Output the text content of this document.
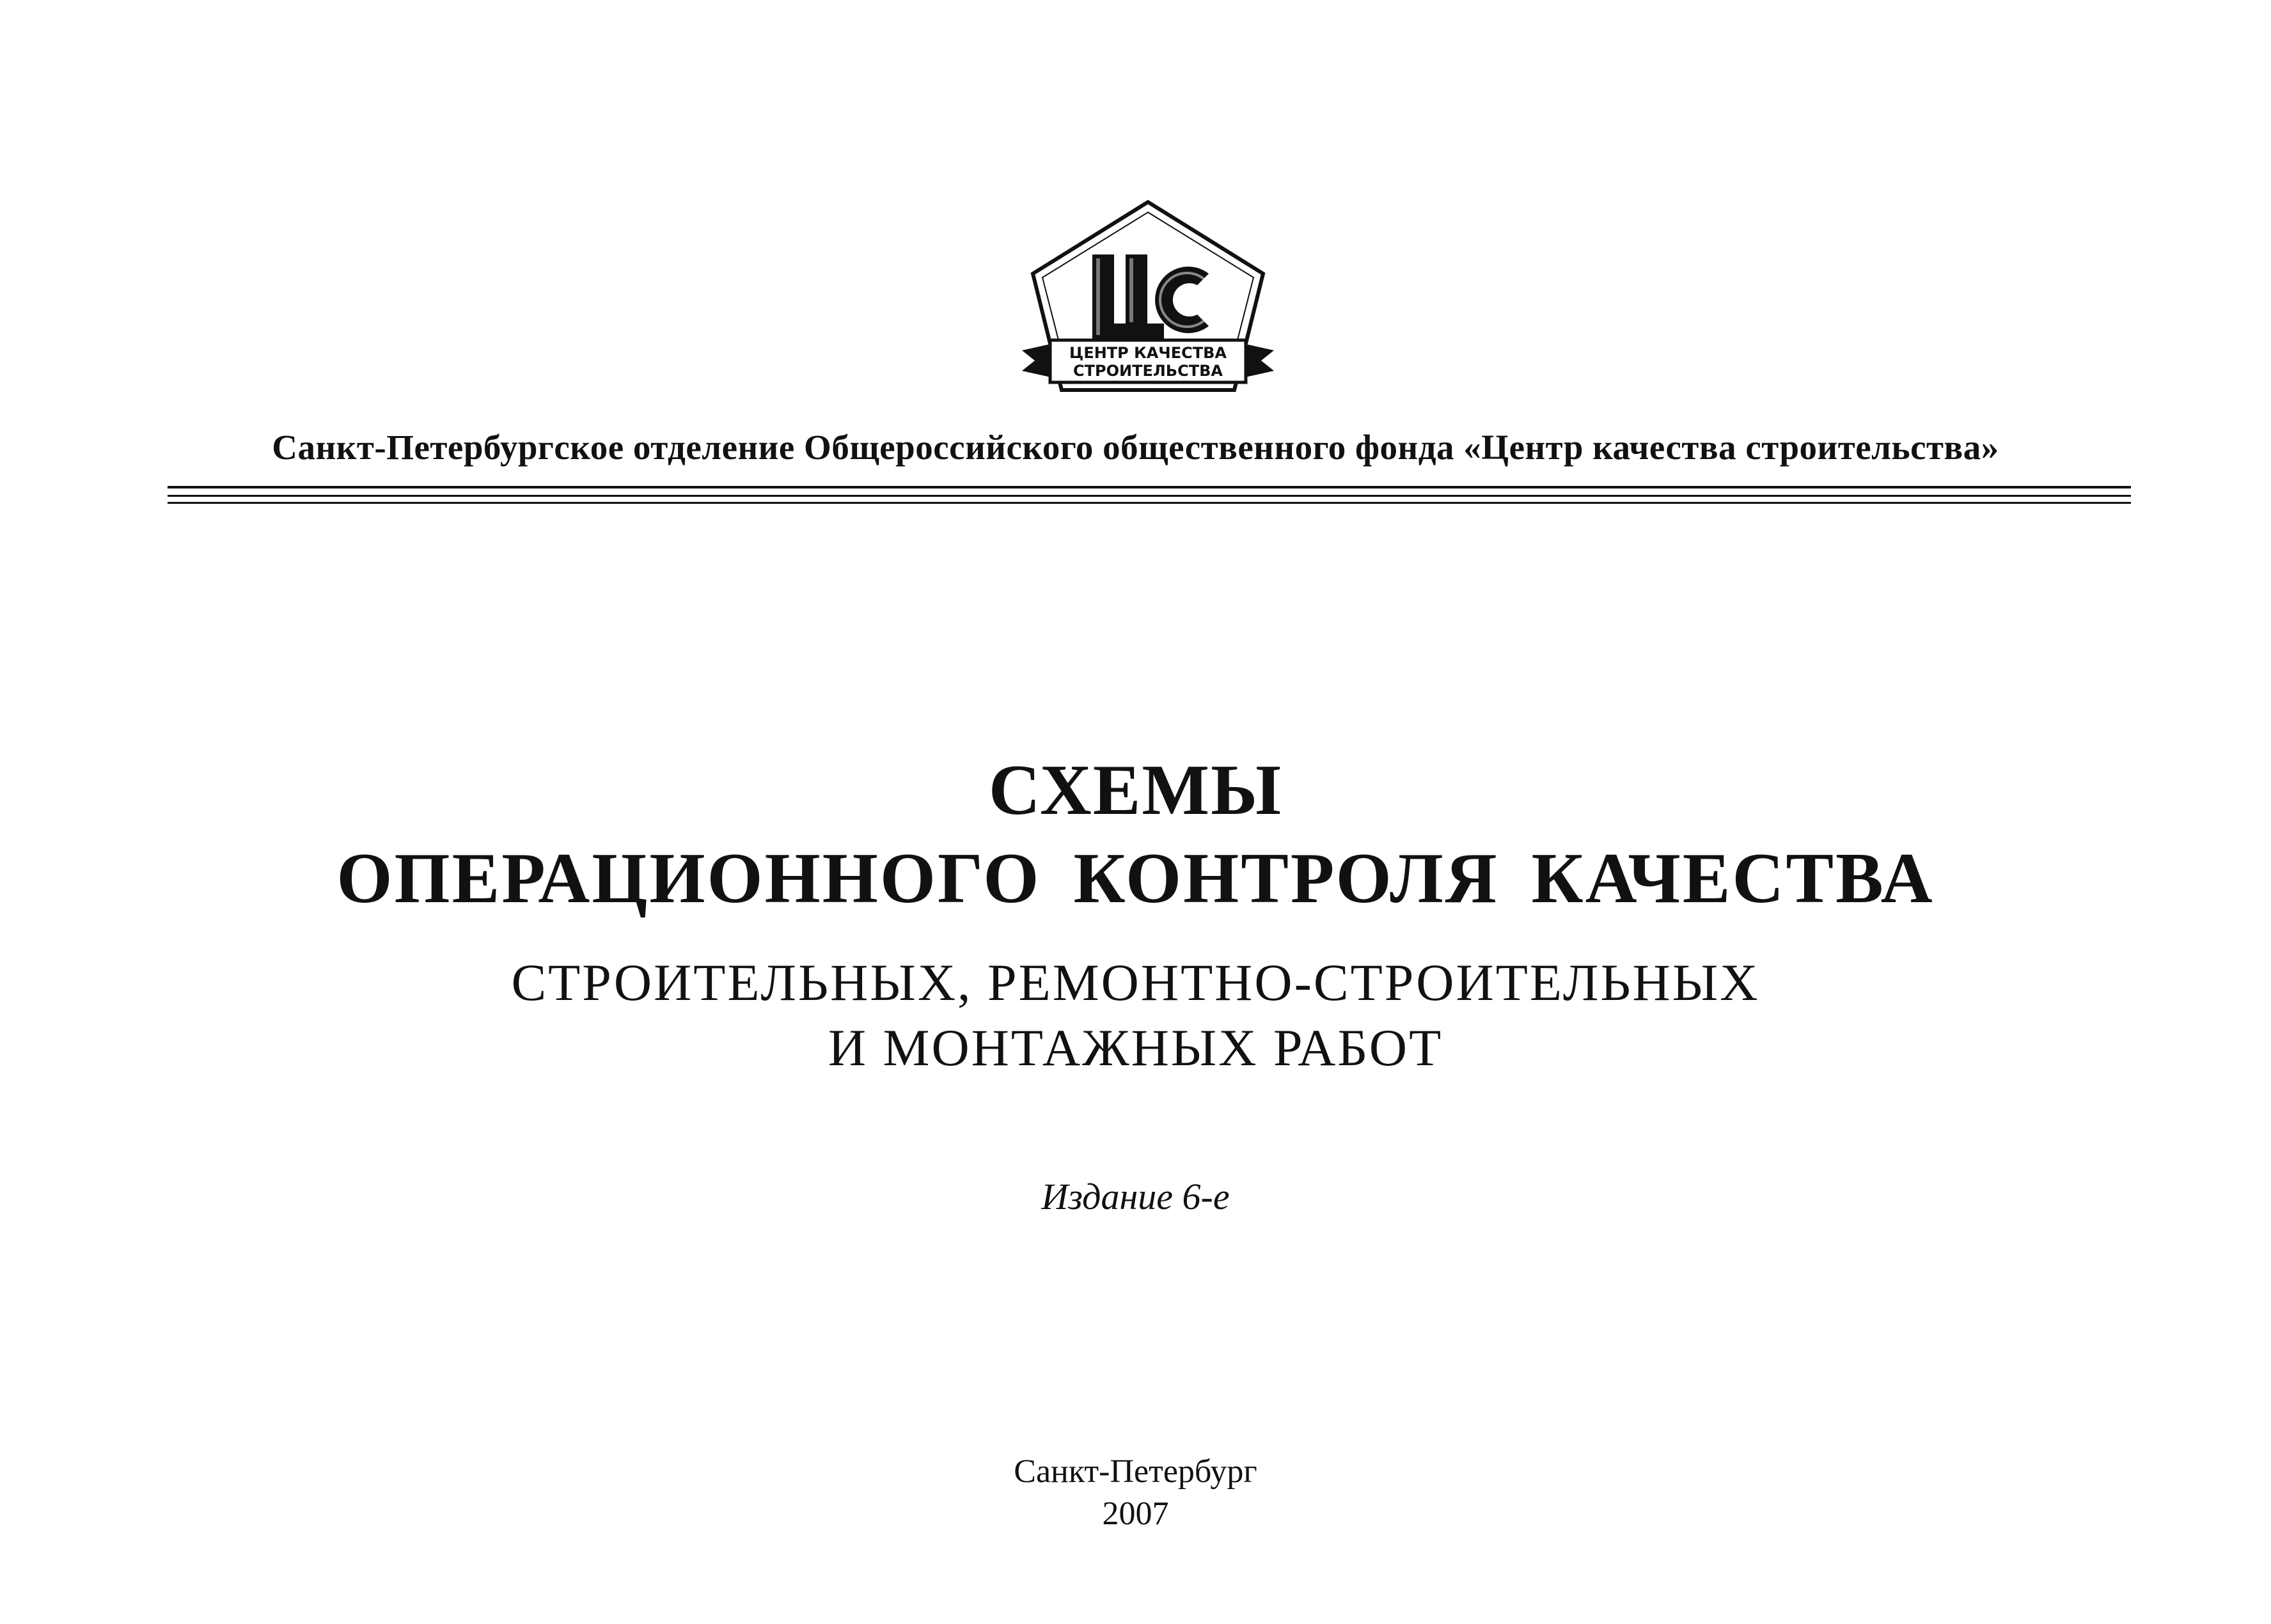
ЦЕНТР КАЧЕСТВА
СТРОИТЕЛЬСТВА
Санкт-Петербургское отделение Общероссийского общественного фонда «Центр качества строительства»
СХЕМЫ
ОПЕРАЦИОННОГО КОНТРОЛЯ КАЧЕСТВА
СТРОИТЕЛЬНЫХ, РЕМОНТНО-СТРОИТЕЛЬНЫХ
И МОНТАЖНЫХ РАБОТ
Издание 6-е
Санкт-Петербург
2007
